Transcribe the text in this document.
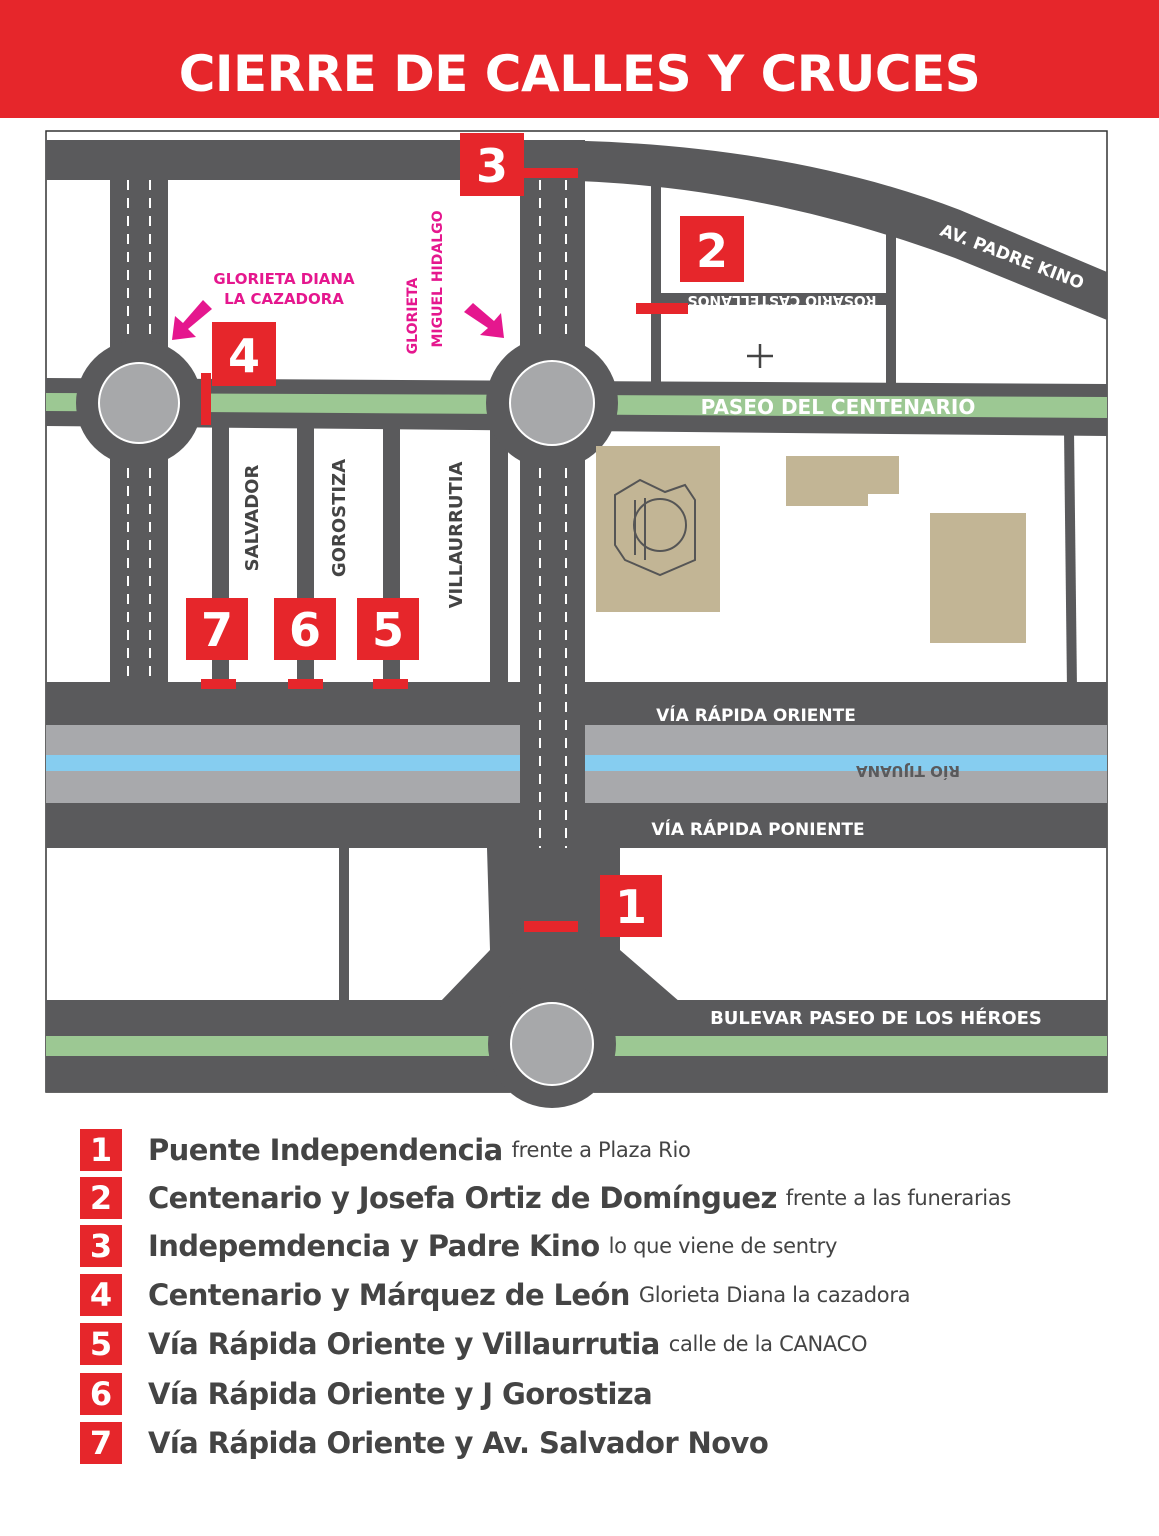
CIERRE DE CALLES Y CRUCES
3
2
4
7 6 5
1
AV. PADRE KINO
ROSARIO CASTELLANOS
PASEO DEL CENTENARIO
SALVADOR	GOROSTIZA	VILLAURRUTIA
VÍA RÁPIDA ORIENTE
RÍO TIJUANA
VÍA RÁPIDA PONIENTE
BULEVAR PASEO DE LOS HÉROES
GLORIETA DIANA
LA CAZADORA	GLORIETA MIGUEL HIDALGO
1	Puente Independencia frente a Plaza Rio
2	Centenario y Josefa Ortiz de Domínguez frente a las funerarias
3	Indepemdencia y Padre Kino lo que viene de sentry
4	Centenario y Márquez de León Glorieta Diana la cazadora
5	Vía Rápida Oriente y Villaurrutia calle de la CANACO
6	Vía Rápida Oriente y J Gorostiza
7	Vía Rápida Oriente y Av. Salvador Novo
